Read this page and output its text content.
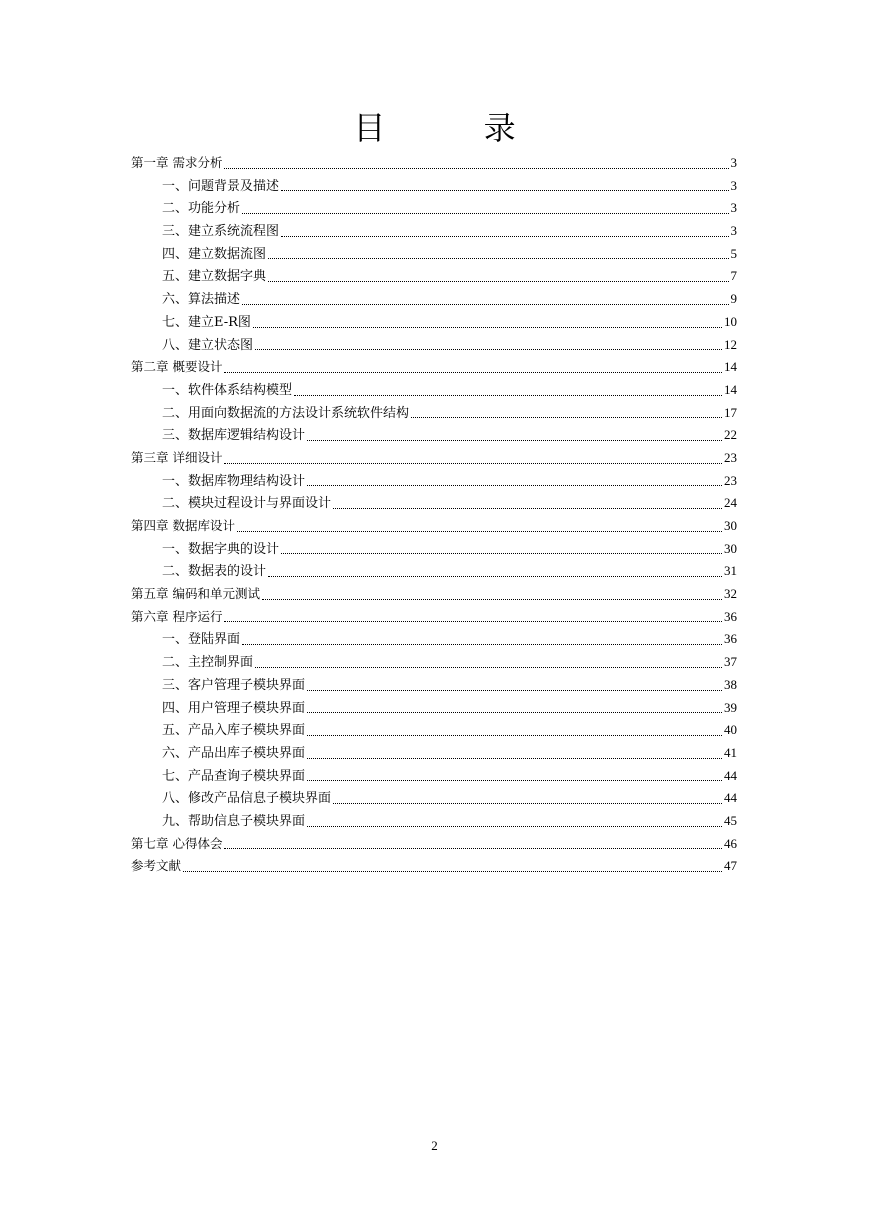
目 录
第一章 需求分析	3
一、问题背景及描述	3
二、功能分析	3
三、建立系统流程图	3
四、建立数据流图	5
五、建立数据字典	7
六、算法描述	9
七、建立E-R图	10
八、建立状态图	12
第二章 概要设计	14
一、软件体系结构模型	14
二、用面向数据流的方法设计系统软件结构	17
三、数据库逻辑结构设计	22
第三章 详细设计	23
一、数据库物理结构设计	23
二、模块过程设计与界面设计	24
第四章 数据库设计	30
一、数据字典的设计	30
二、数据表的设计	31
第五章 编码和单元测试	32
第六章 程序运行	36
一、登陆界面	36
二、主控制界面	37
三、客户管理子模块界面	38
四、用户管理子模块界面	39
五、产品入库子模块界面	40
六、产品出库子模块界面	41
七、产品查询子模块界面	44
八、修改产品信息子模块界面	44
九、帮助信息子模块界面	45
第七章 心得体会	46
参考文献	47
2
